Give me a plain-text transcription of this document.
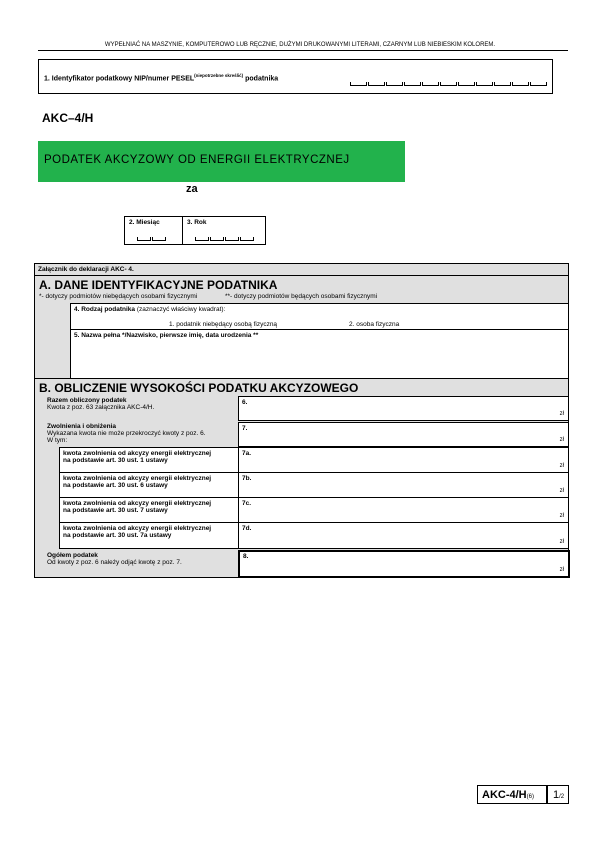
WYPEŁNIAĆ NA MASZYNIE, KOMPUTEROWO LUB RĘCZNIE, DUŻYMI DRUKOWANYMI LITERAMI, CZARNYM LUB NIEBIESKIM KOLOREM.
1. Identyfikator podatkowy NIP/numer $PESEL^{(niepotrzebne skreślić)}$ podatnika
AKC–4/H
PODATEK AKCYZOWY OD ENERGII ELEKTRYCZNEJ
za
2. Miesiąc	3. Rok
Załącznik do deklaracji AKC- 4.
A. DANE IDENTYFIKACYJNE PODATNIKA
*- dotyczy podmiotów niebędących osobami fizycznymi	**- dotyczy podmiotów będących osobami fizycznymi
4. Rodzaj podatnika (zaznaczyć właściwy kwadrat):
1. podatnik niebędący osobą fizyczną	2. osoba fizyczna
5. Nazwa pełna */Nazwisko, pierwsze imię, data urodzenia **
B. OBLICZENIE WYSOKOŚCI PODATKU AKCYZOWEGO
Razem obliczony podatek
Kwota z poz. 63 załącznika AKC-4/H.
6.
zł
Zwolnienia i obniżenia
Wykazana kwota nie może przekroczyć kwoty z poz. 6.
W tym:
7.
zł
kwota zwolnienia od akcyzy energii elektrycznej
na podstawie art. 30 ust. 1 ustawy
7a.
zł
kwota zwolnienia od akcyzy energii elektrycznej
na podstawie art. 30 ust. 6 ustawy
7b.
zł
kwota zwolnienia od akcyzy energii elektrycznej
na podstawie art. 30 ust. 7 ustawy
7c.
zł
kwota zwolnienia od akcyzy energii elektrycznej
na podstawie art. 30 ust. 7a ustawy
7d.
zł
Ogółem podatek
Od kwoty z poz. 6 należy odjąć kwotę z poz. 7.
8.
zł
AKC-4/H(6) 1/2
